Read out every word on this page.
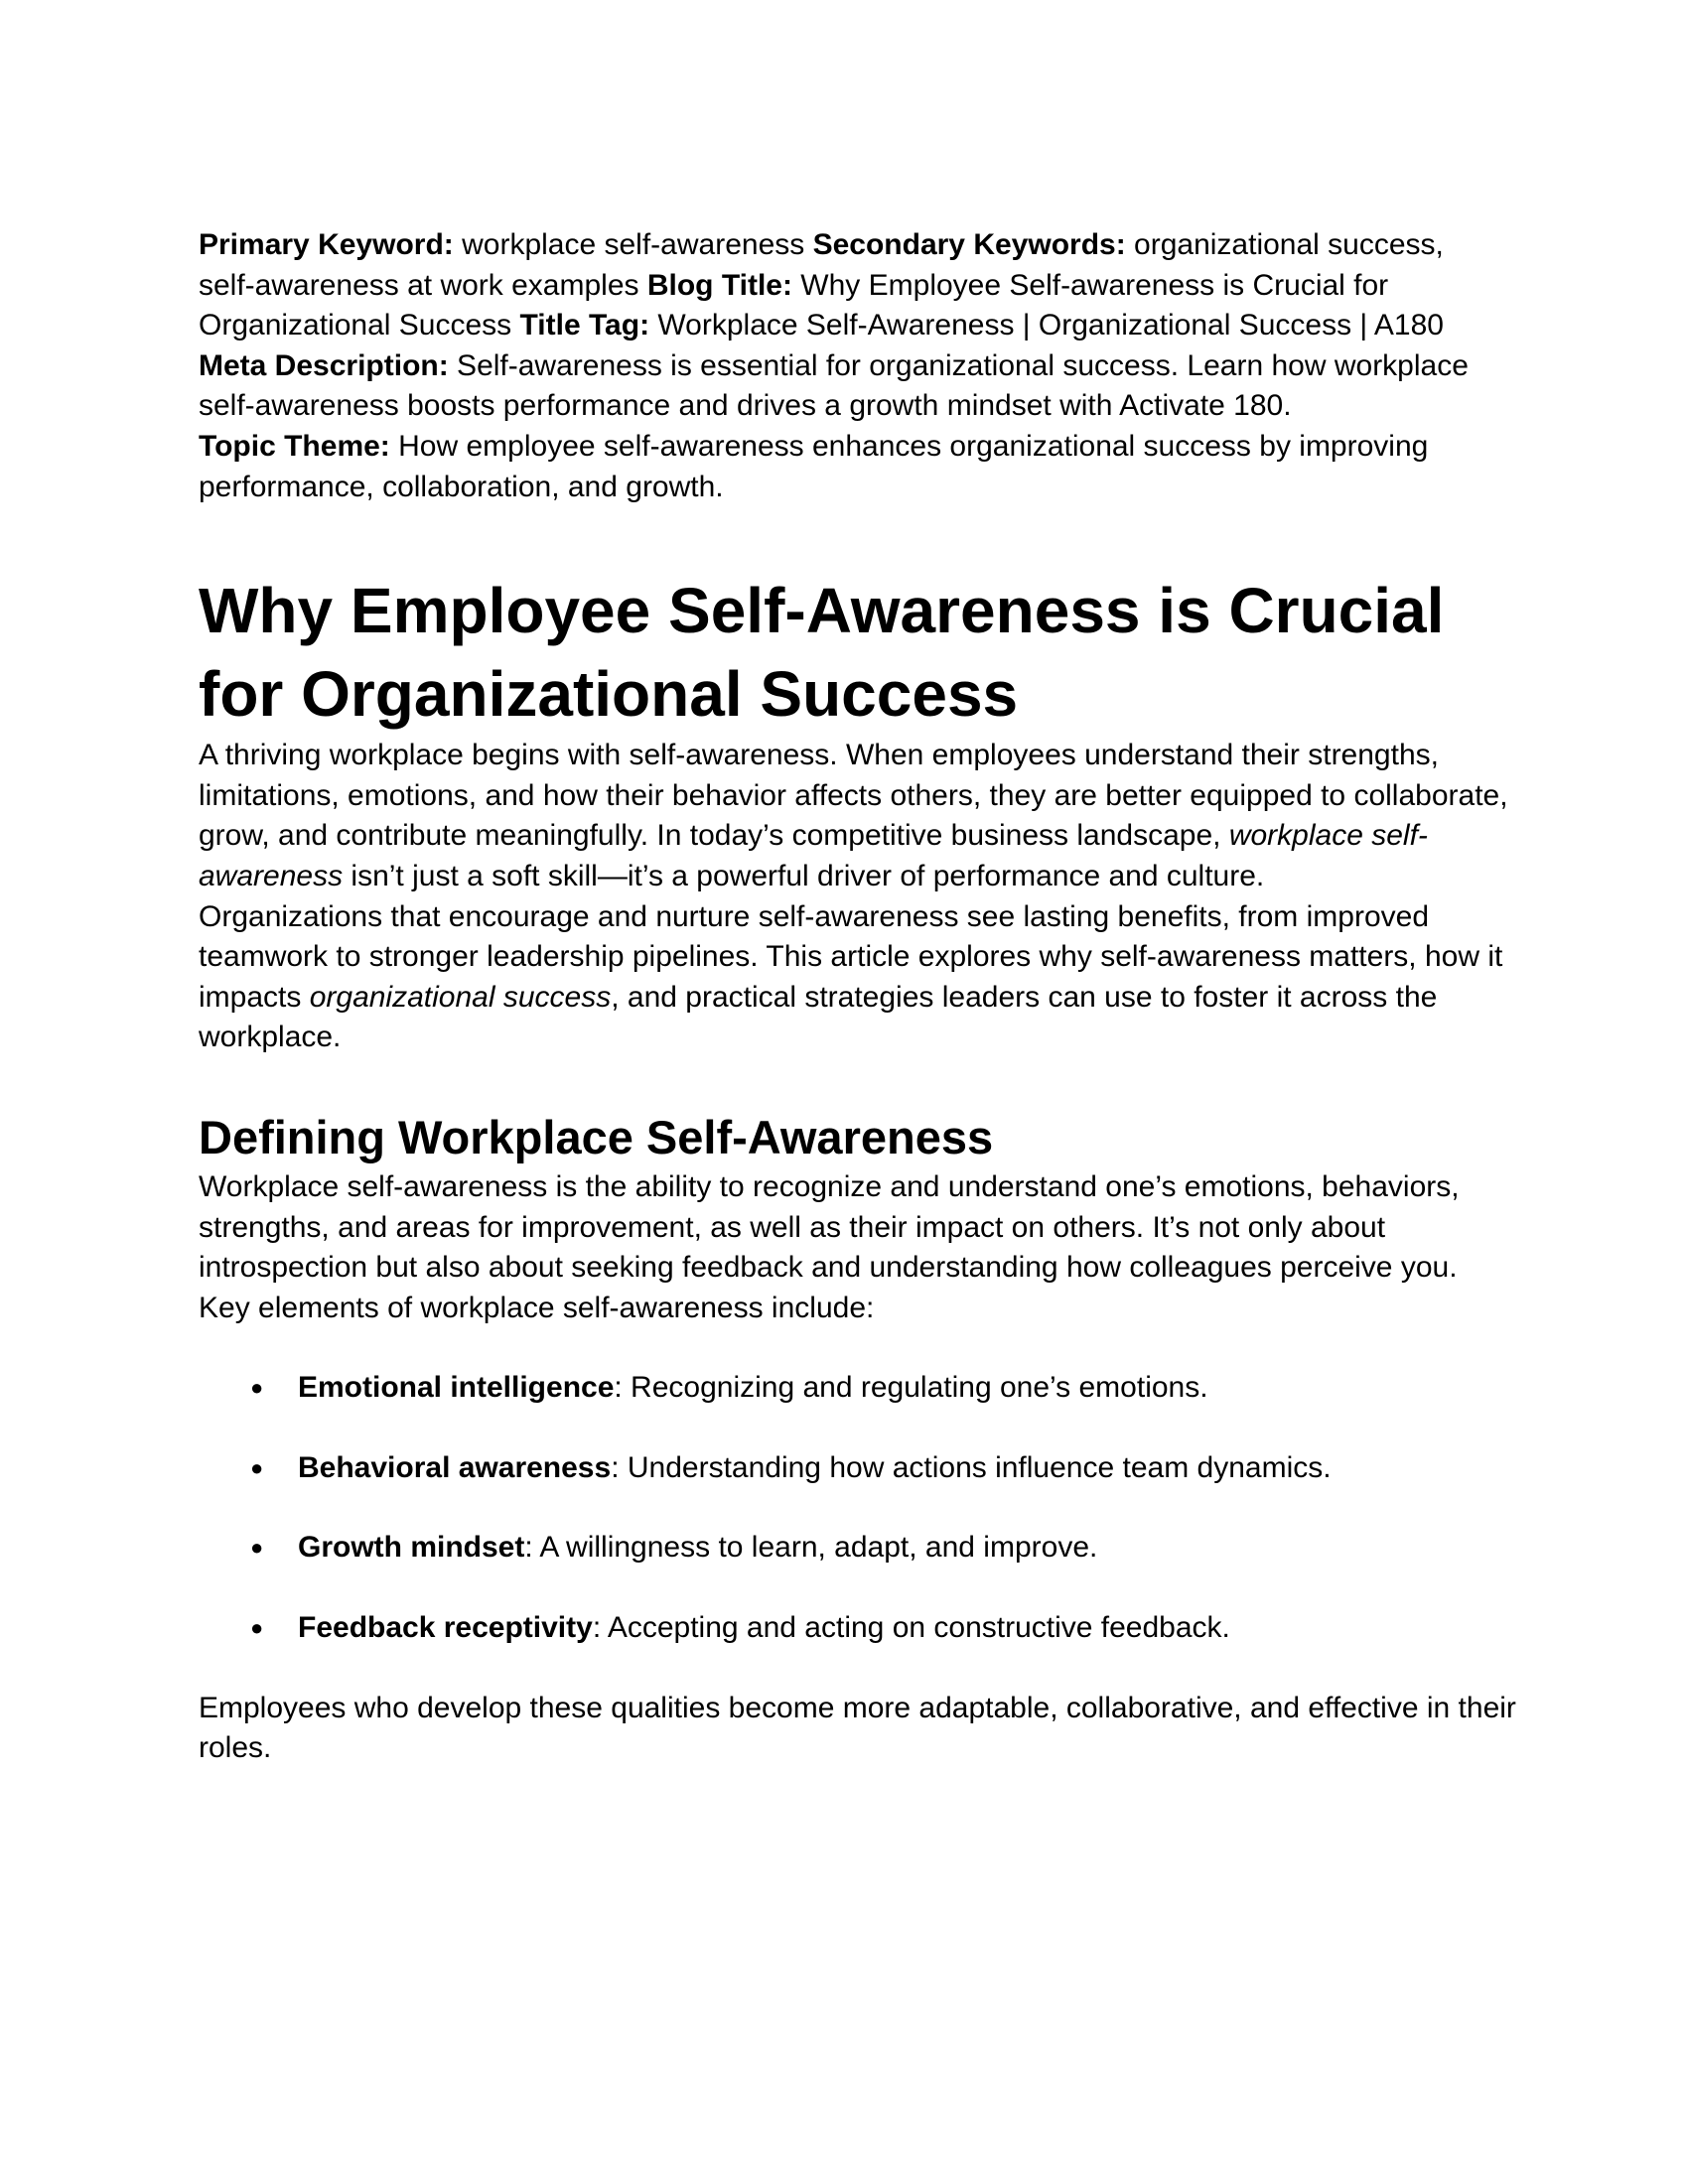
Primary Keyword: workplace self-awareness Secondary Keywords: organizational success, self-awareness at work examples Blog Title: Why Employee Self-awareness is Crucial for Organizational Success Title Tag: Workplace Self-Awareness | Organizational Success | A180
Meta Description: Self-awareness is essential for organizational success. Learn how workplace self-awareness boosts performance and drives a growth mindset with Activate 180.
Topic Theme: How employee self-awareness enhances organizational success by improving performance, collaboration, and growth.

Why Employee Self-Awareness is Crucial for Organizational Success

A thriving workplace begins with self-awareness. When employees understand their strengths, limitations, emotions, and how their behavior affects others, they are better equipped to collaborate, grow, and contribute meaningfully. In today’s competitive business landscape, workplace self-awareness isn’t just a soft skill—it’s a powerful driver of performance and culture.

Organizations that encourage and nurture self-awareness see lasting benefits, from improved teamwork to stronger leadership pipelines. This article explores why self-awareness matters, how it impacts organizational success, and practical strategies leaders can use to foster it across the workplace.

Defining Workplace Self-Awareness

Workplace self-awareness is the ability to recognize and understand one’s emotions, behaviors, strengths, and areas for improvement, as well as their impact on others. It’s not only about introspection but also about seeking feedback and understanding how colleagues perceive you.

Key elements of workplace self-awareness include:

● Emotional intelligence: Recognizing and regulating one’s emotions.
● Behavioral awareness: Understanding how actions influence team dynamics.
● Growth mindset: A willingness to learn, adapt, and improve.
● Feedback receptivity: Accepting and acting on constructive feedback.

Employees who develop these qualities become more adaptable, collaborative, and effective in their roles.
